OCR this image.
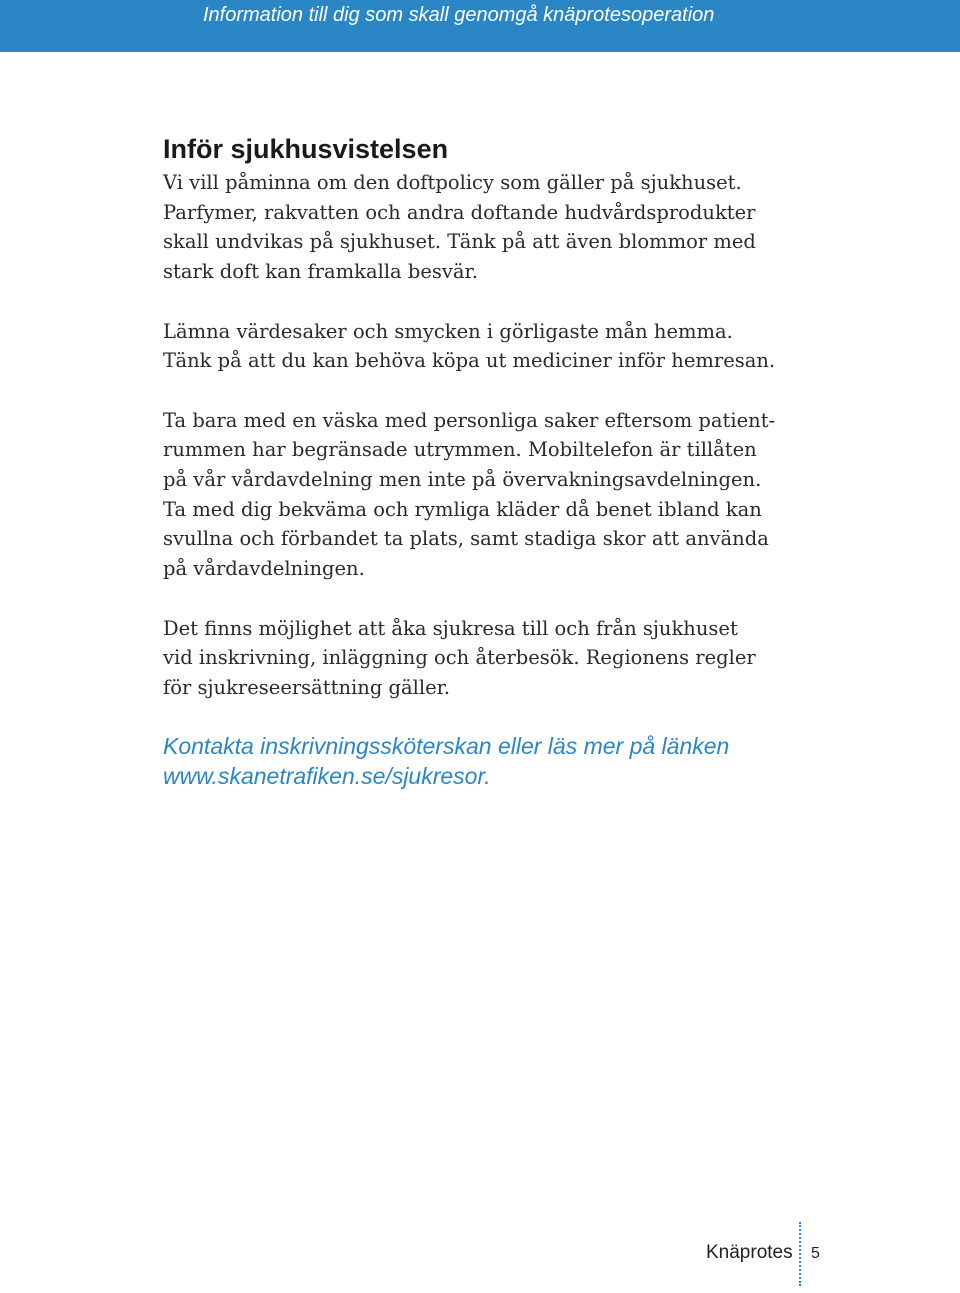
Information till dig som skall genomgå knäprotesoperation
Inför sjukhusvistelsen

Vi vill påminna om den doftpolicy som gäller på sjukhuset.
Parfymer, rakvatten och andra doftande hudvårdsprodukter
skall undvikas på sjukhuset. Tänk på att även blommor med
stark doft kan framkalla besvär.

Lämna värdesaker och smycken i görligaste mån hemma.
Tänk på att du kan behöva köpa ut mediciner inför hemresan.

Ta bara med en väska med personliga saker eftersom patient-
rummen har begränsade utrymmen. Mobiltelefon är tillåten
på vår vårdavdelning men inte på övervakningsavdelningen.
Ta med dig bekväma och rymliga kläder då benet ibland kan
svullna och förbandet ta plats, samt stadiga skor att använda
på vårdavdelningen.

Det finns möjlighet att åka sjukresa till och från sjukhuset
vid inskrivning, inläggning och återbesök. Regionens regler
för sjukreseersättning gäller.

Kontakta inskrivningssköterskan eller läs mer på länken
www.skanetrafiken.se/sjukresor.

Knäprotes 5
